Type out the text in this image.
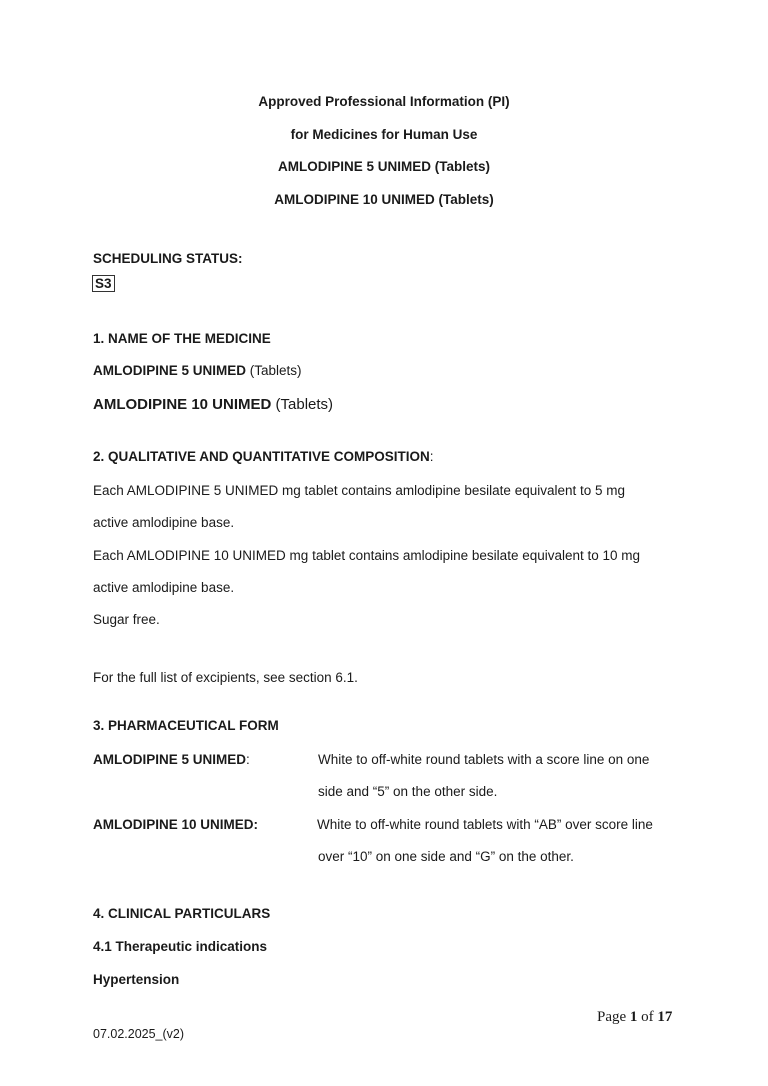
Approved Professional Information (PI)
for Medicines for Human Use
AMLODIPINE 5 UNIMED (Tablets)
AMLODIPINE 10 UNIMED (Tablets)
SCHEDULING STATUS:
S3
1. NAME OF THE MEDICINE
AMLODIPINE 5 UNIMED (Tablets)
AMLODIPINE 10 UNIMED (Tablets)
2. QUALITATIVE AND QUANTITATIVE COMPOSITION:
Each AMLODIPINE 5 UNIMED mg tablet contains amlodipine besilate equivalent to 5 mg
active amlodipine base.
Each AMLODIPINE 10 UNIMED mg tablet contains amlodipine besilate equivalent to 10 mg
active amlodipine base.
Sugar free.
For the full list of excipients, see section 6.1.
3. PHARMACEUTICAL FORM
AMLODIPINE 5 UNIMED:	White to off-white round tablets with a score line on one
side and “5” on the other side.
AMLODIPINE 10 UNIMED:	White to off-white round tablets with “AB” over score line
over “10” on one side and “G” on the other.
4. CLINICAL PARTICULARS
4.1 Therapeutic indications
Hypertension
Page 1 of 17
07.02.2025_(v2)
